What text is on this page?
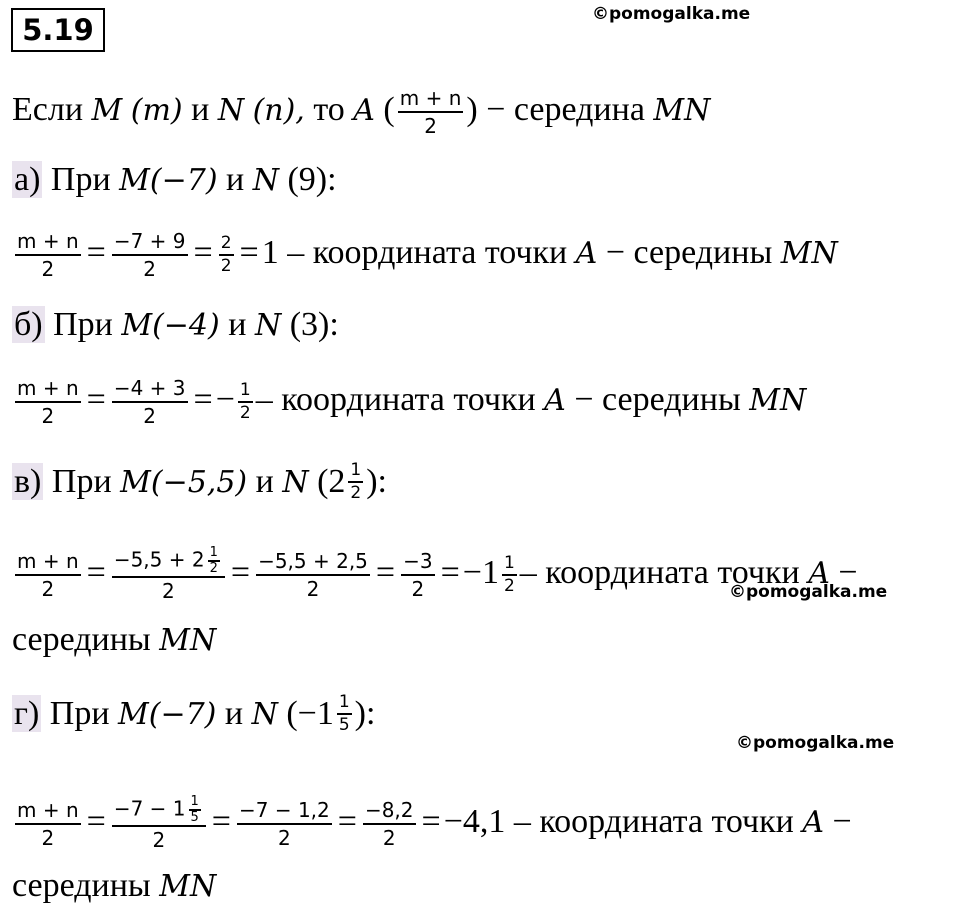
5.19	©pomogalka.me
Если M (m) и N (n), то A ( $\frac{m + n}{2}$ ) − середина MN
а) При M(−7) и N (9):
$\frac{m + n}{2} = \frac{-7 + 9}{2} = \frac{2}{2} =1$ – координата точки A − середины MN
б) При M(−4) и N (3):
$\frac{m + n}{2} = \frac{-4 + 3}{2} =- \frac{1}{2}$ – координата точки A − середины MN
в) При M(−5,5) и N ($2 \frac{1}{2}$ ):
$\frac{m + n}{2} = \frac{-5,5 + 2 \frac{1}{2}}{2} = \frac{-5,5 + 2,5}{2} = \frac{-3}{2} =-1 \frac{1}{2}$ – координата точки A −
©pomogalka.me
середины MN
г) При M(−7) и N ($-1 \frac{1}{5}$ ):
©pomogalka.me
$\frac{m + n}{2} = \frac{-7 - 1 \frac{1}{5}}{2} = \frac{-7 - 1,2}{2} = \frac{-8,2}{2} =-4,1$ – координата точки A −
середины MN
